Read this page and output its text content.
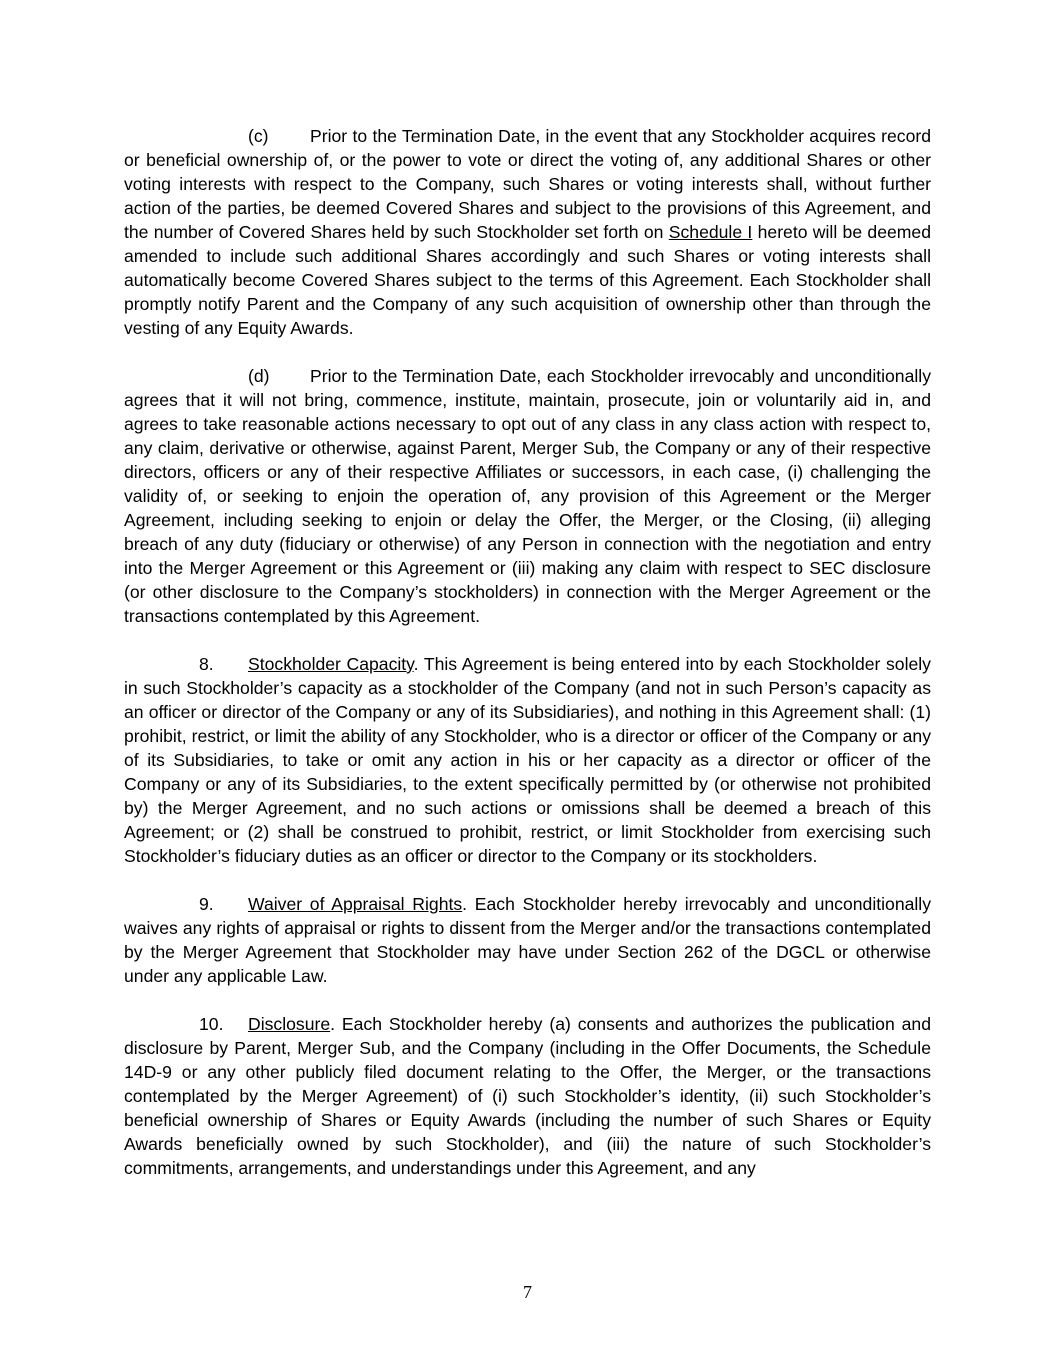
(c) Prior to the Termination Date, in the event that any Stockholder acquires record or beneficial ownership of, or the power to vote or direct the voting of, any additional Shares or other voting interests with respect to the Company, such Shares or voting interests shall, without further action of the parties, be deemed Covered Shares and subject to the provisions of this Agreement, and the number of Covered Shares held by such Stockholder set forth on Schedule I hereto will be deemed amended to include such additional Shares accordingly and such Shares or voting interests shall automatically become Covered Shares subject to the terms of this Agreement. Each Stockholder shall promptly notify Parent and the Company of any such acquisition of ownership other than through the vesting of any Equity Awards.

(d) Prior to the Termination Date, each Stockholder irrevocably and unconditionally agrees that it will not bring, commence, institute, maintain, prosecute, join or voluntarily aid in, and agrees to take reasonable actions necessary to opt out of any class in any class action with respect to, any claim, derivative or otherwise, against Parent, Merger Sub, the Company or any of their respective directors, officers or any of their respective Affiliates or successors, in each case, (i) challenging the validity of, or seeking to enjoin the operation of, any provision of this Agreement or the Merger Agreement, including seeking to enjoin or delay the Offer, the Merger, or the Closing, (ii) alleging breach of any duty (fiduciary or otherwise) of any Person in connection with the negotiation and entry into the Merger Agreement or this Agreement or (iii) making any claim with respect to SEC disclosure (or other disclosure to the Company’s stockholders) in connection with the Merger Agreement or the transactions contemplated by this Agreement.

8. Stockholder Capacity. This Agreement is being entered into by each Stockholder solely in such Stockholder’s capacity as a stockholder of the Company (and not in such Person’s capacity as an officer or director of the Company or any of its Subsidiaries), and nothing in this Agreement shall: (1) prohibit, restrict, or limit the ability of any Stockholder, who is a director or officer of the Company or any of its Subsidiaries, to take or omit any action in his or her capacity as a director or officer of the Company or any of its Subsidiaries, to the extent specifically permitted by (or otherwise not prohibited by) the Merger Agreement, and no such actions or omissions shall be deemed a breach of this Agreement; or (2) shall be construed to prohibit, restrict, or limit Stockholder from exercising such Stockholder’s fiduciary duties as an officer or director to the Company or its stockholders.

9. Waiver of Appraisal Rights. Each Stockholder hereby irrevocably and unconditionally waives any rights of appraisal or rights to dissent from the Merger and/or the transactions contemplated by the Merger Agreement that Stockholder may have under Section 262 of the DGCL or otherwise under any applicable Law.

10. Disclosure. Each Stockholder hereby (a) consents and authorizes the publication and disclosure by Parent, Merger Sub, and the Company (including in the Offer Documents, the Schedule 14D-9 or any other publicly filed document relating to the Offer, the Merger, or the transactions contemplated by the Merger Agreement) of (i) such Stockholder’s identity, (ii) such Stockholder’s beneficial ownership of Shares or Equity Awards (including the number of such Shares or Equity Awards beneficially owned by such Stockholder), and (iii) the nature of such Stockholder’s commitments, arrangements, and understandings under this Agreement, and any

7
